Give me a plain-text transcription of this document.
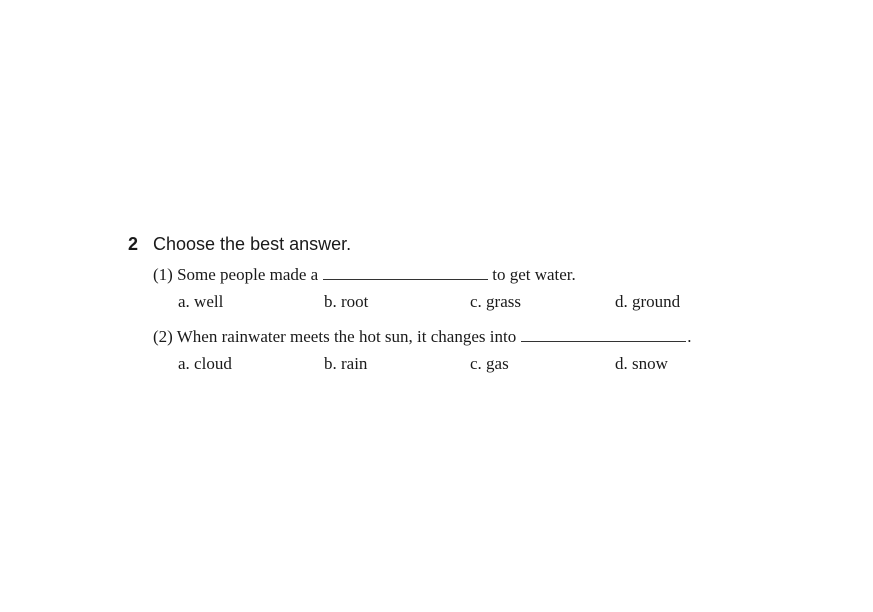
2 Choose the best answer.
(1) Some people made a	to get water.
a. well	b. root	c. grass	d. ground
(2) When rainwater meets the hot sun, it changes into	.
a. cloud	b. rain	c. gas	d. snow
